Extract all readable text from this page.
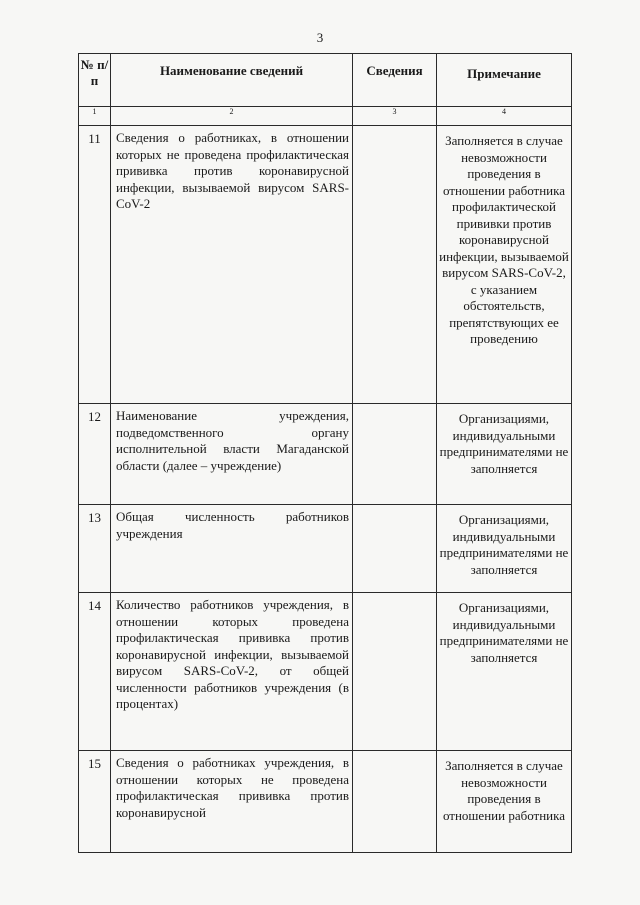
3
№ п/п	Наименование сведений	Сведения	Примечание

1	2	3	4
11	Сведения о работниках, в отношении которых не проведена профилактическая прививка против коронавирусной инфекции, вызываемой вирусом SARS-CoV-2		Заполняется в случае невозможности проведения в отношении работника профилактической прививки против коронавирусной инфекции, вызываемой вирусом SARS-CoV-2, с указанием обстоятельств, препятствующих ее проведению
12	Наименование учреждения, подведомственного органу исполнительной власти Магаданской области (далее – учреждение)		Организациями, индивидуальными предпринимателями не заполняется
13	Общая численность работников учреждения		Организациями, индивидуальными предпринимателями не заполняется
14	Количество работников учреждения, в отношении которых проведена профилактическая прививка против коронавирусной инфекции, вызываемой вирусом SARS-CoV-2, от общей численности работников учреждения (в процентах)		Организациями, индивидуальными предпринимателями не заполняется
15	Сведения о работниках учреждения, в отношении которых не проведена профилактическая прививка против коронавирусной		Заполняется в случае невозможности проведения в отношении работника
